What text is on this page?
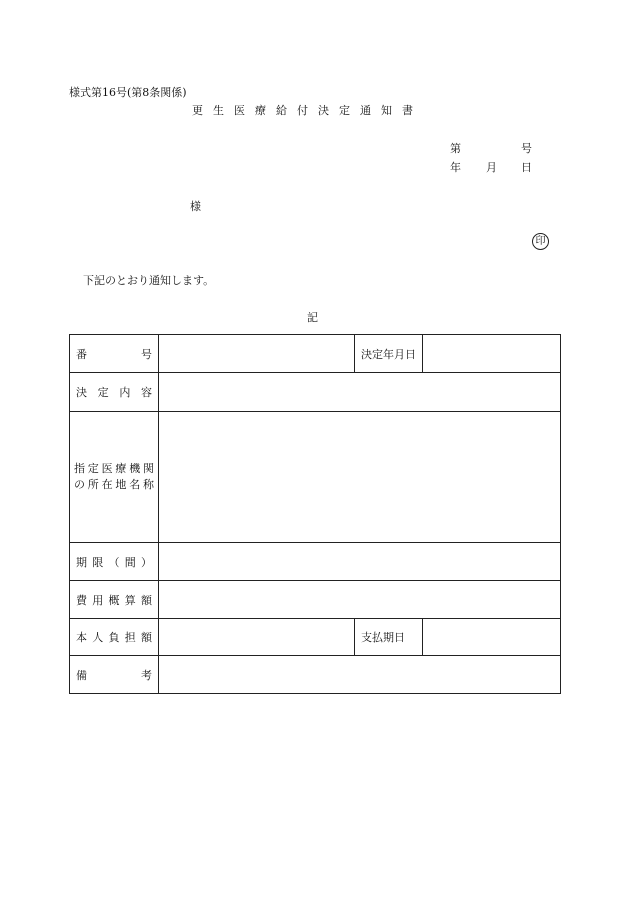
様式第16号(第8条関係)
更生医療給付決定通知書
第	号
年 月 日
様
印
下記のとおり通知します。
記
番号		決定年月日	
決定内容			

指定医療機関
の所在地名称			

期限（間）			
費用概算額			
本人負担額		支払期日	
備考			
